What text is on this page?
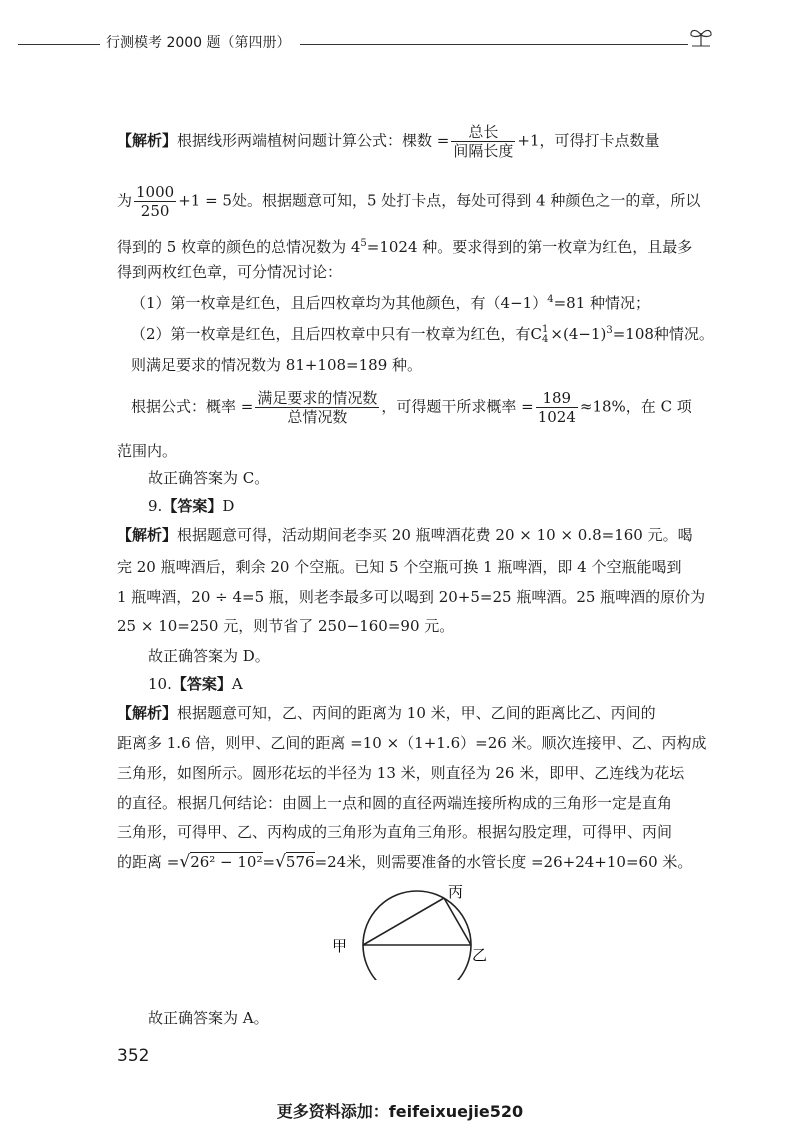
行测模考 2000 题（第四册）
【解析】根据线形两端植树问题计算公式：棵数 = $\frac{\text{总长}}{\text{间隔长度}} +1$，可得打卡点数量
为 $\frac{1000}{250} +1 = 5$处。根据题意可知，5 处打卡点，每处可得到 4 种颜色之一的章，所以
得到的 5 枚章的颜色的总情况数为 $4^5=1024$ 种。要求得到的第一枚章为红色，且最多
得到两枚红色章，可分情况讨论：
（1）第一枚章是红色，且后四枚章均为其他颜色，有$(4-1)^4=81$ 种情况；
（2）第一枚章是红色，且后四枚章中只有一枚章为红色，有C 1
$4 \times(4-1)^3=108$种情况。
则满足要求的情况数为 81+108=189 种。
根据公式：概率 = $\frac{\text{满足要求的情况数}}{\text{总情况数}}$ ，可得题干所求概率 = $\frac{189}{1024} \approx 18\%$，在 C 项
范围内。
故正确答案为 C。
9.【答案】D
【解析】根据题意可得，活动期间老李买 20 瓶啤酒花费 20 × 10 × 0.8=160 元。喝
完 20 瓶啤酒后，剩余 20 个空瓶。已知 5 个空瓶可换 1 瓶啤酒，即 4 个空瓶能喝到
1 瓶啤酒，20 ÷ 4=5 瓶，则老李最多可以喝到 20+5=25 瓶啤酒。25 瓶啤酒的原价为
25 × 10=250 元，则节省了 250−160=90 元。
故正确答案为 D。
10.【答案】A
【解析】根据题意可知，乙、丙间的距离为 10 米，甲、乙间的距离比乙、丙间的
距离多 1.6 倍，则甲、乙间的距离 =10 ×（1+1.6）=26 米。顺次连接甲、乙、丙构成
三角形，如图所示。圆形花坛的半径为 13 米，则直径为 26 米，即甲、乙连线为花坛
的直径。根据几何结论：由圆上一点和圆的直径两端连接所构成的三角形一定是直角
三角形，可得甲、乙、丙构成的三角形为直角三角形。根据勾股定理，可得甲、丙间
的距离 =√26² − 10²=√576=24米，则需要准备的水管长度 =26+24+10=60 米。
甲	乙
丙
故正确答案为 A。
352
更多资料添加：feifeixuejie520
